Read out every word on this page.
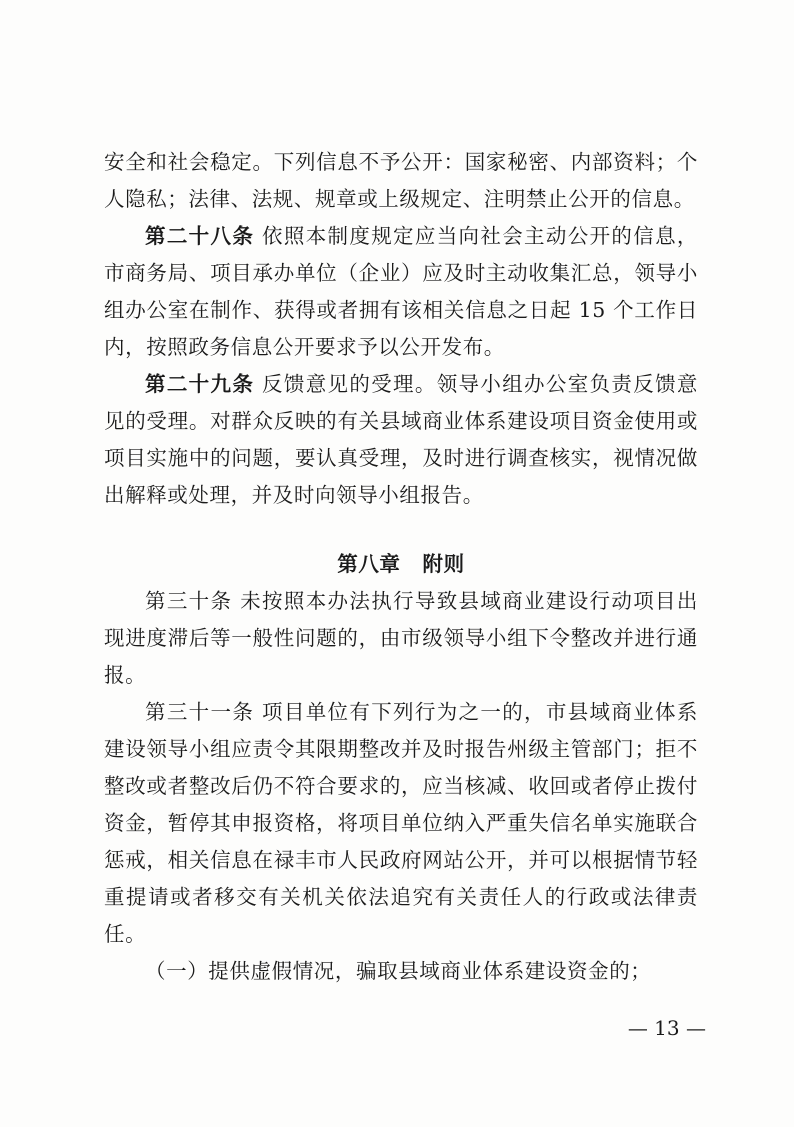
安全和社会稳定。下列信息不予公开：国家秘密、内部资料；个人隐私；法律、法规、规章或上级规定、注明禁止公开的信息。

第二十八条 依照本制度规定应当向社会主动公开的信息，市商务局、项目承办单位（企业）应及时主动收集汇总，领导小组办公室在制作、获得或者拥有该相关信息之日起 15 个工作日内，按照政务信息公开要求予以公开发布。

第二十九条 反馈意见的受理。领导小组办公室负责反馈意见的受理。对群众反映的有关县域商业体系建设项目资金使用或项目实施中的问题，要认真受理，及时进行调查核实，视情况做出解释或处理，并及时向领导小组报告。

第八章 附则

第三十条 未按照本办法执行导致县域商业建设行动项目出现进度滞后等一般性问题的，由市级领导小组下令整改并进行通报。

第三十一条 项目单位有下列行为之一的，市县域商业体系建设领导小组应责令其限期整改并及时报告州级主管部门；拒不整改或者整改后仍不符合要求的，应当核减、收回或者停止拨付资金，暂停其申报资格，将项目单位纳入严重失信名单实施联合惩戒，相关信息在禄丰市人民政府网站公开，并可以根据情节轻重提请或者移交有关机关依法追究有关责任人的行政或法律责任。

（一）提供虚假情况，骗取县域商业体系建设资金的；

— 13 —
